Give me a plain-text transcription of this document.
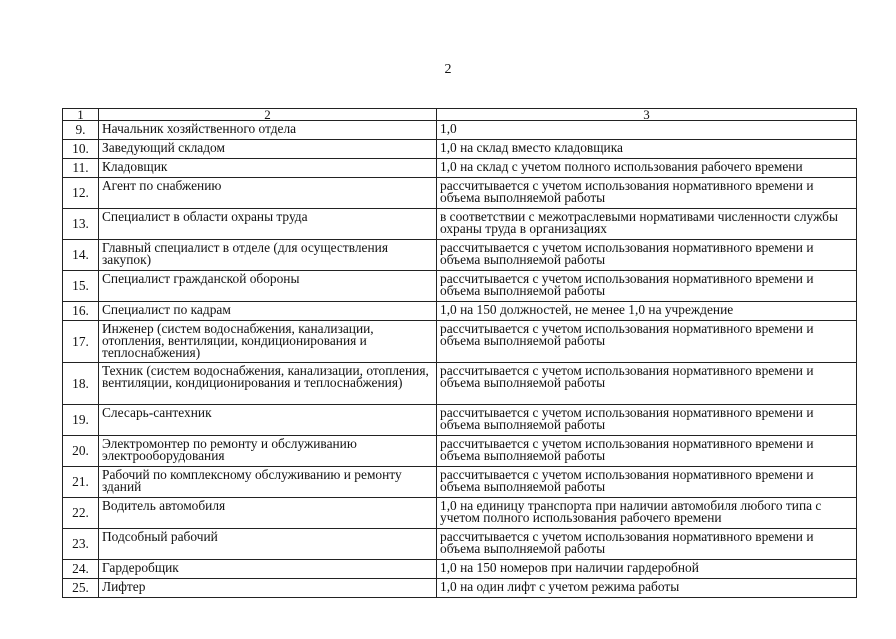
2
1	2	3
9.	Начальник хозяйственного отдела	1,0
10.	Заведующий складом	1,0 на склад вместо кладовщика
11.	Кладовщик	1,0 на склад с учетом полного использования рабочего времени
12.	Агент по снабжению	рассчитывается с учетом использования нормативного времени и объема выполняемой работы
13.	Специалист в области охраны труда	в соответствии с межотраслевыми нормативами численности службы охраны труда в организациях
14.	Главный специалист в отделе (для осуществления закупок)	рассчитывается с учетом использования нормативного времени и объема выполняемой работы
15.	Специалист гражданской обороны	рассчитывается с учетом использования нормативного времени и объема выполняемой работы
16.	Специалист по кадрам	1,0 на 150 должностей, не менее 1,0 на учреждение
17.	Инженер (систем водоснабжения, канализации, отопления, вентиляции, кондиционирования и теплоснабжения)	рассчитывается с учетом использования нормативного времени и объема выполняемой работы
18.	Техник (систем водоснабжения, канализации, отопления, вентиляции, кондиционирования и теплоснабжения)	рассчитывается с учетом использования нормативного времени и объема выполняемой работы
19.	Слесарь-сантехник	рассчитывается с учетом использования нормативного времени и объема выполняемой работы
20.	Электромонтер по ремонту и обслуживанию электрооборудования	рассчитывается с учетом использования нормативного времени и объема выполняемой работы
21.	Рабочий по комплексному обслуживанию и ремонту зданий	рассчитывается с учетом использования нормативного времени и объема выполняемой работы
22.	Водитель автомобиля	1,0 на единицу транспорта при наличии автомобиля любого типа с учетом полного использования рабочего времени
23.	Подсобный рабочий	рассчитывается с учетом использования нормативного времени и объема выполняемой работы
24.	Гардеробщик	1,0 на 150 номеров при наличии гардеробной
25.	Лифтер	1,0 на один лифт с учетом режима работы
